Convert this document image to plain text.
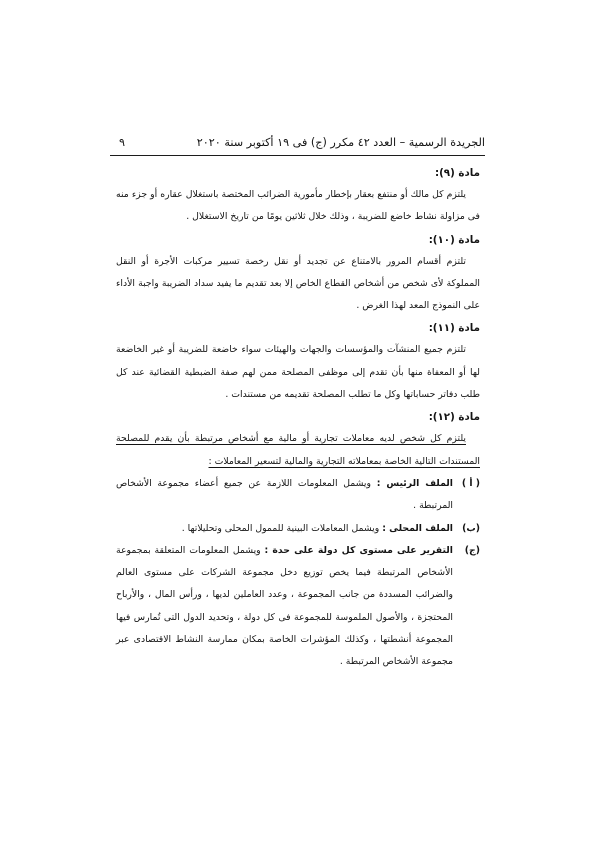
الجريدة الرسمية – العدد ٤٢ مكرر (ج) فى ١٩ أكتوبر سنة ٢٠٢٠
٩

مادة (٩):

يلتزم كل مالك أو منتفع بعقار بإخطار مأمورية الضرائب المختصة باستغلال عقاره أو جزء منه فى مزاولة نشاط خاضع للضريبة ، وذلك خلال ثلاثين يومًا من تاريخ الاستغلال .

مادة (١٠):

تلتزم أقسام المرور بالامتناع عن تجديد أو نقل رخصة تسيير مركبات الأجرة أو النقل المملوكة لأى شخص من أشخاص القطاع الخاص إلا بعد تقديم ما يفيد سداد الضريبة واجبة الأداء على النموذج المعد لهذا الغرض .

مادة (١١):

تلتزم جميع المنشآت والمؤسسات والجهات والهيئات سواء خاضعة للضريبة أو غير الخاضعة لها أو المعفاة منها بأن تقدم إلى موظفى المصلحة ممن لهم صفة الضبطية القضائية عند كل طلب دفاتر حساباتها وكل ما تطلب المصلحة تقديمه من مستندات .

مادة (١٢):

يلتزم كل شخص لديه معاملات تجارية أو مالية مع أشخاص مرتبطة بأن يقدم للمصلحة المستندات التالية الخاصة بمعاملاته التجارية والمالية لتسعير المعاملات :

( أ )
الملف الرئيس : ويشمل المعلومات اللازمة عن جميع أعضاء مجموعة الأشخاص المرتبطة .
(ب)
الملف المحلى : ويشمل المعاملات البينية للممول المحلى وتحليلاتها .
(ج)
التقرير على مستوى كل دولة على حدة : ويشمل المعلومات المتعلقة بمجموعة الأشخاص المرتبطة فيما يخص توزيع دخل مجموعة الشركات على مستوى العالم والضرائب المسددة من جانب المجموعة ، وعدد العاملين لديها ، ورأس المال ، والأرباح المحتجزة ، والأصول الملموسة للمجموعة فى كل دولة ، وتحديد الدول التى تُمارس فيها المجموعة أنشطتها ، وكذلك المؤشرات الخاصة بمكان ممارسة النشاط الاقتصادى عبر مجموعة الأشخاص المرتبطة .
